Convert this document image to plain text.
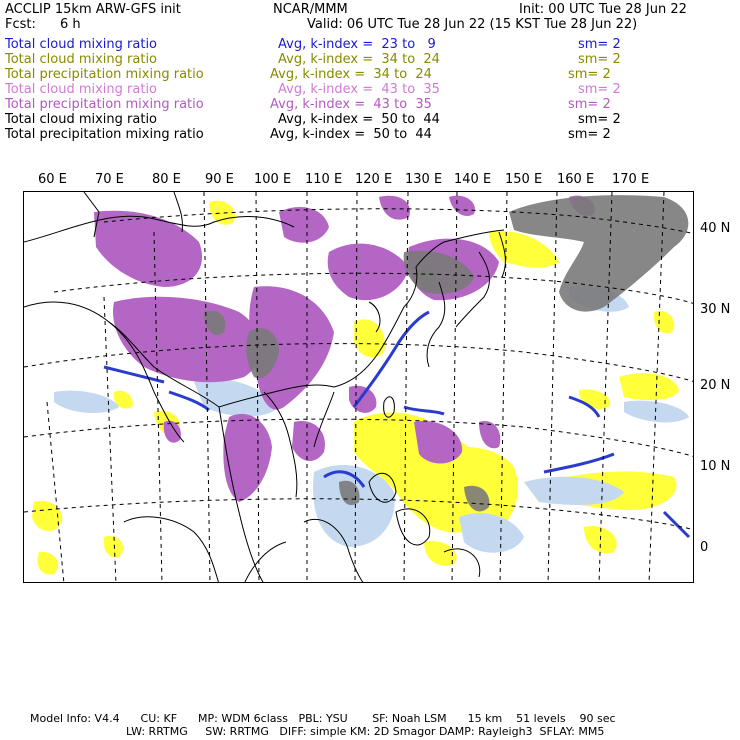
ACCLIP 15km ARW-GFS init	NCAR/MMM	Init: 00 UTC Tue 28 Jun 22
Fcst: 6 h	Valid: 06 UTC Tue 28 Jun 22 (15 KST Tue 28 Jun 22)
Total cloud mixing ratio	Avg, k-index =  23 to   9	sm= 2
Total cloud mixing ratio	Avg, k-index =  34 to  24	sm= 2
Total precipitation mixing ratio	Avg, k-index =  34 to  24	sm= 2
Total cloud mixing ratio	Avg, k-index =  43 to  35	sm= 2
Total precipitation mixing ratio	Avg, k-index =  43 to  35	sm= 2
Total cloud mixing ratio	Avg, k-index =  50 to  44	sm= 2
Total precipitation mixing ratio	Avg, k-index =  50 to  44	sm= 2
60 E 70 E 80 E 90 E 100 E 110 E 120 E 130 E 140 E 150 E 160 E 170 E
40 N
30 N
20 N
10 N
0
Model Info: V4.4      CU: KF      MP: WDM 6class   PBL: YSU       SF: Noah LSM      15 km    51 levels    90 sec
LW: RRTMG     SW: RRTMG   DIFF: simple KM: 2D Smagor DAMP: Rayleigh3  SFLAY: MM5
